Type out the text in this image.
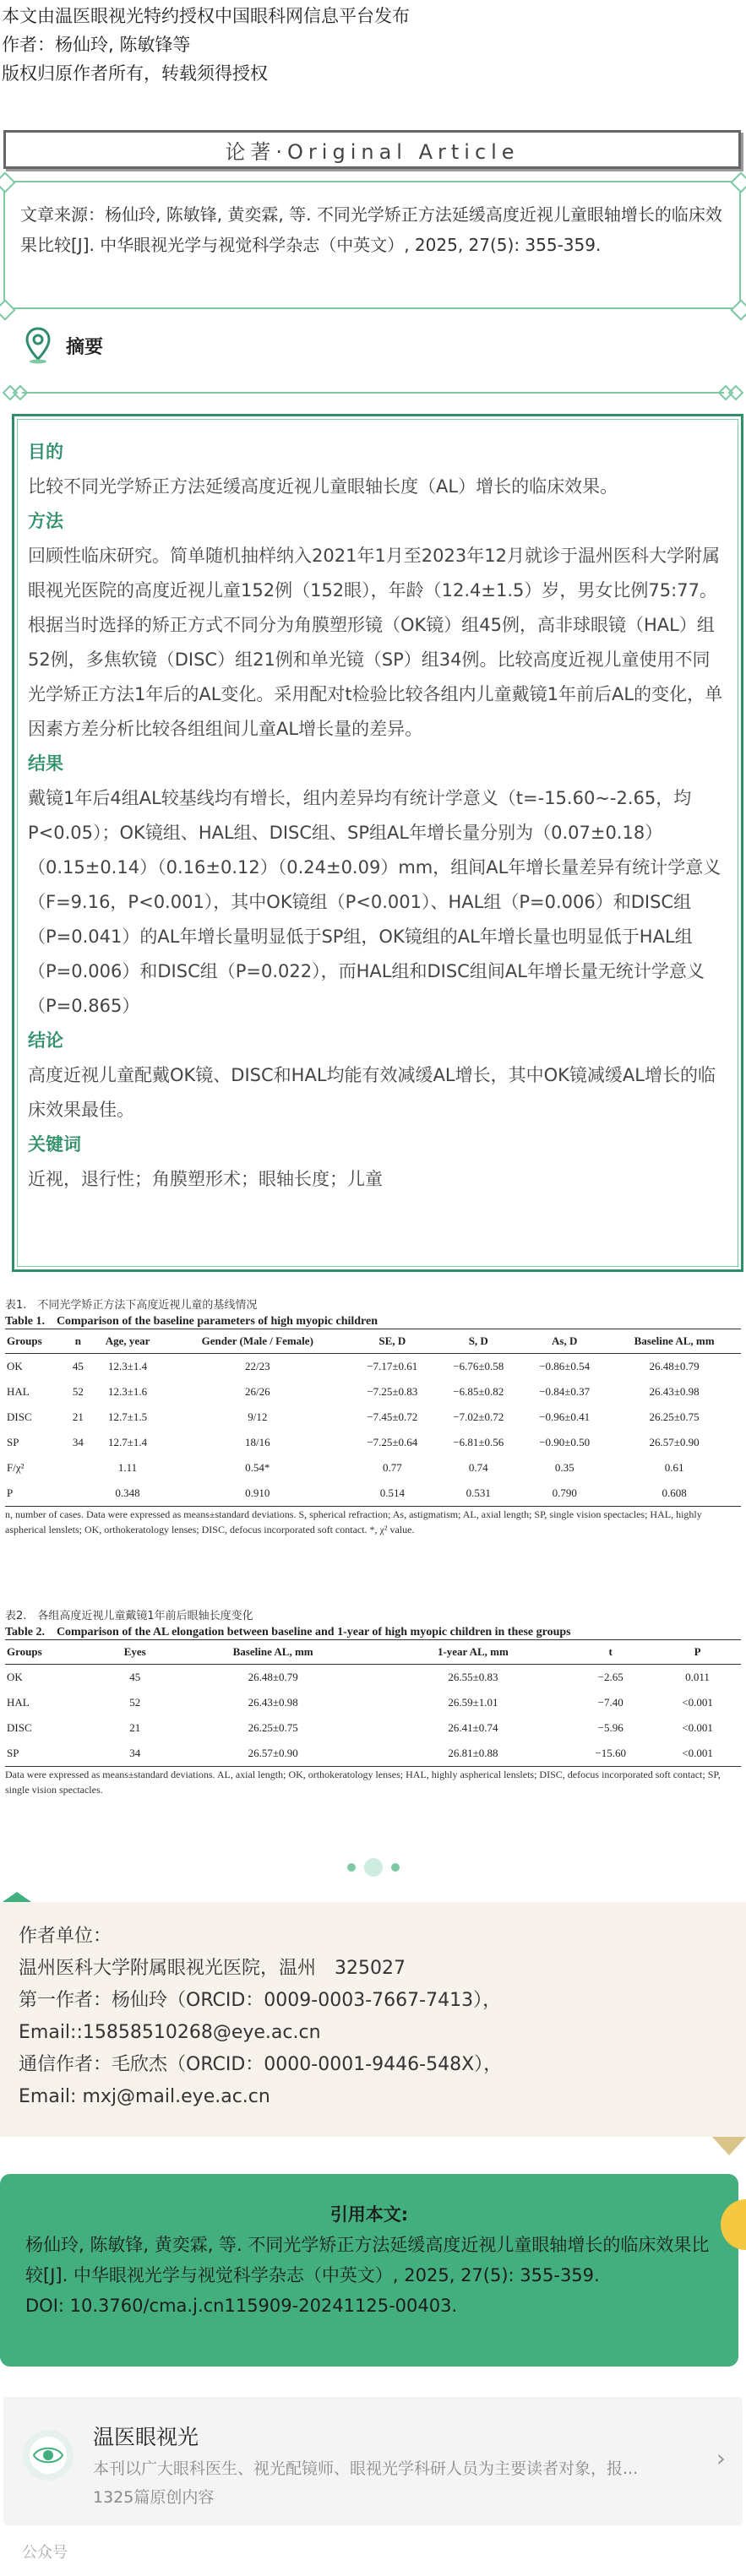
本文由温医眼视光特约授权中国眼科网信息平台发布
作者：杨仙玲, 陈敏锋等
版权归原作者所有，转载须得授权
论著·Original Article
文章来源：杨仙玲, 陈敏锋, 黄奕霖, 等. 不同光学矫正方法延缓高度近视儿童眼轴增长的临床效果比较[J]. 中华眼视光学与视觉科学杂志（中英文）, 2025, 27(5): 355-359.
摘要
目的
比较不同光学矫正方法延缓高度近视儿童眼轴长度（AL）增长的临床效果。
方法
回顾性临床研究。简单随机抽样纳入2021年1月至2023年12月就诊于温州医科大学附属眼视光医院的高度近视儿童152例（152眼），年龄（12.4±1.5）岁，男女比例75:77。根据当时选择的矫正方式不同分为角膜塑形镜（OK镜）组45例，高非球眼镜（HAL）组52例，多焦软镜（DISC）组21例和单光镜（SP）组34例。比较高度近视儿童使用不同光学矫正方法1年后的AL变化。采用配对t检验比较各组内儿童戴镜1年前后AL的变化，单因素方差分析比较各组组间儿童AL增长量的差异。
结果
戴镜1年后4组AL较基线均有增长，组内差异均有统计学意义（t=-15.60~-2.65，均P<0.05）；OK镜组、HAL组、DISC组、SP组AL年增长量分别为（0.07±0.18）（0.15±0.14）（0.16±0.12）（0.24±0.09）mm，组间AL年增长量差异有统计学意义（F=9.16，P<0.001），其中OK镜组（P<0.001）、HAL组（P=0.006）和DISC组（P=0.041）的AL年增长量明显低于SP组，OK镜组的AL年增长量也明显低于HAL组（P=0.006）和DISC组（P=0.022），而HAL组和DISC组间AL年增长量无统计学意义（P=0.865）
结论
高度近视儿童配戴OK镜、DISC和HAL均能有效减缓AL增长，其中OK镜减缓AL增长的临床效果最佳。
关键词
近视，退行性；角膜塑形术；眼轴长度；儿童
表1.　不同光学矫正方法下高度近视儿童的基线情况
Table 1.　Comparison of the baseline parameters of high myopic children
Groups	n	Age, year	Gender (Male / Female)	SE, D	S, D	As, D	Baseline AL, mm
OK	45	12.3±1.4	22/23	−7.17±0.61	−6.76±0.58	−0.86±0.54	26.48±0.79
HAL	52	12.3±1.6	26/26	−7.25±0.83	−6.85±0.82	−0.84±0.37	26.43±0.98
DISC	21	12.7±1.5	9/12	−7.45±0.72	−7.02±0.72	−0.96±0.41	26.25±0.75
SP	34	12.7±1.4	18/16	−7.25±0.64	−6.81±0.56	−0.90±0.50	26.57±0.90
F/χ²		1.11	0.54*	0.77	0.74	0.35	0.61
P		0.348	0.910	0.514	0.531	0.790	0.608
n, number of cases. Data were expressed as means±standard deviations. S, spherical refraction; As, astigmatism; AL, axial length; SP, single vision spectacles; HAL, highly aspherical lenslets; OK, orthokeratology lenses; DISC, defocus incorporated soft contact. *, χ² value.
表2.　各组高度近视儿童戴镜1年前后眼轴长度变化
Table 2.　Comparison of the AL elongation between baseline and 1-year of high myopic children in these groups
Groups	Eyes	Baseline AL, mm	1-year AL, mm	t	P
OK	45	26.48±0.79	26.55±0.83	−2.65	0.011
HAL	52	26.43±0.98	26.59±1.01	−7.40	<0.001
DISC	21	26.25±0.75	26.41±0.74	−5.96	<0.001
SP	34	26.57±0.90	26.81±0.88	−15.60	<0.001
Data were expressed as means±standard deviations. AL, axial length; OK, orthokeratology lenses; HAL, highly aspherical lenslets; DISC, defocus incorporated soft contact; SP, single vision spectacles.
作者单位：
温州医科大学附属眼视光医院，温州　325027
第一作者：杨仙玲（ORCID：0009-0003-7667-7413），
Email::15858510268@eye.ac.cn
通信作者：毛欣杰（ORCID：0000-0001-9446-548X），
Email: mxj@mail.eye.ac.cn
引用本文:
杨仙玲, 陈敏锋, 黄奕霖, 等. 不同光学矫正方法延缓高度近视儿童眼轴增长的临床效果比较[J]. 中华眼视光学与视觉科学杂志（中英文）, 2025, 27(5): 355-359.
DOI: 10.3760/cma.j.cn115909-20241125-00403.
温医眼视光
本刊以广大眼科医生、视光配镜师、眼视光学科研人员为主要读者对象，报...
1325篇原创内容
›
公众号
